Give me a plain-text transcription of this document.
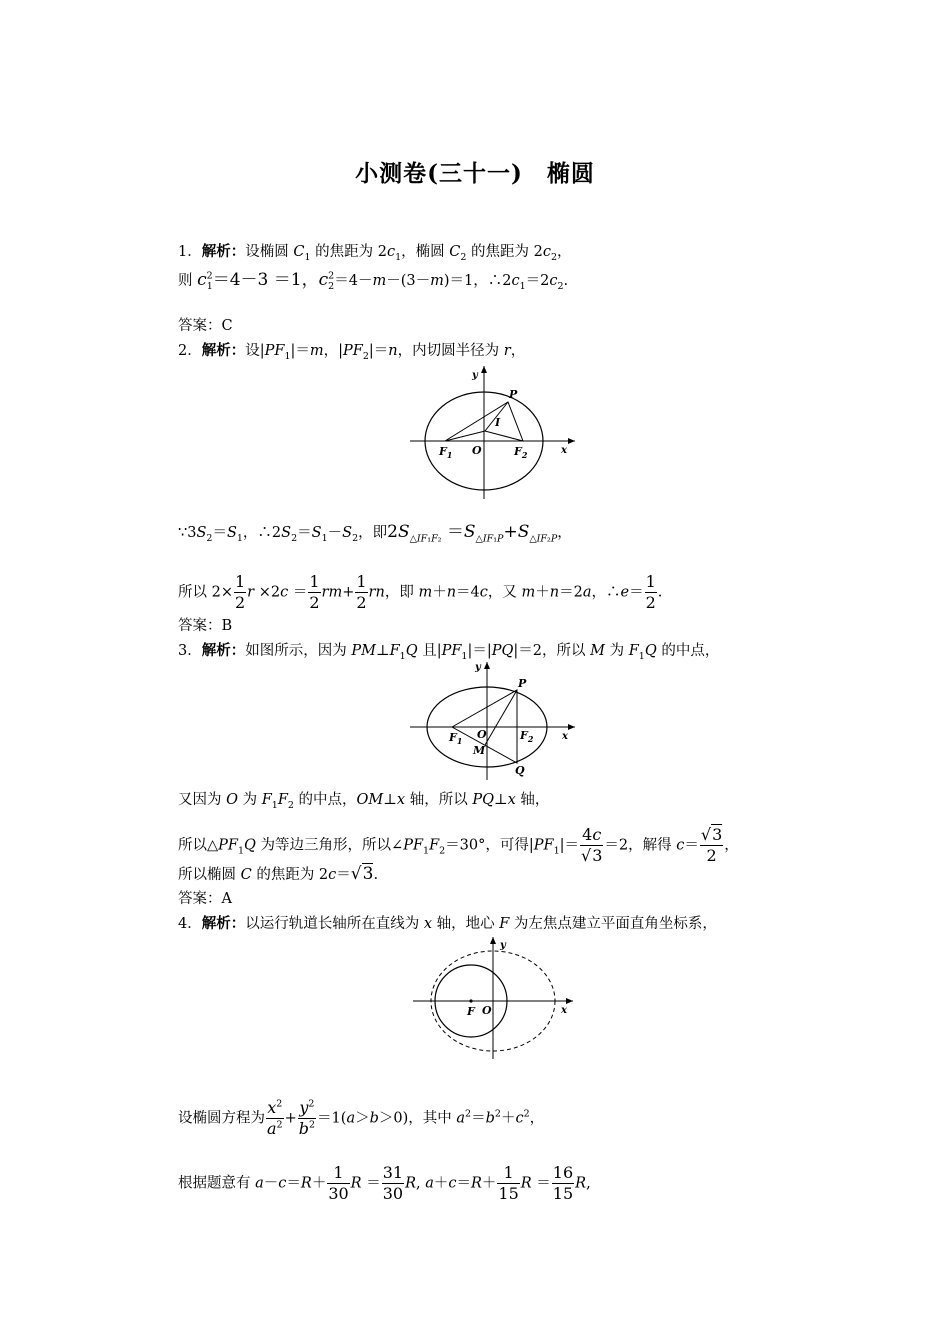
小测卷(三十一)　椭圆
1．解析：设椭圆 $C_1$ 的焦距为 $2c_1$，椭圆 $C_2$ 的焦距为 $2c_2$，
则 $c^2_1=4-3 =1$，$c^2_2=4-m-(3-m)=1$，$\therefore 2c_1=2c_2$.
答案：C
2．解析：设$|PF_1|=m$，$|PF_2|=n$，内切圆半径为 r，
y
P
I
$F_1$ O	$F_2$	x
$\because 3S_2=S_1$，$\therefore 2S_2=S_1-S_2$，即$2S_{\triangle IF_1F_2} =S_{\triangle IF_1P}+S_{\triangle IF_2P}$，
所以 $2\times \frac{1}{2}$ $r \times 2c = \frac{1}{2} rm+ \frac{1}{2}$ rn，即 m＋n＝4c，又 m＋n＝2a，∴e＝ $\frac{1}{2}$ .
答案：B
3．解析：如图所示，因为 $PM\perp F_1Q$ 且$|PF_1|=|PQ|=2$，所以 M 为 $F_1Q$ 的中点，
y
P
$F_1$ O	$F_2$	x
M
Q
又因为 O 为 $F_1F_2$ 的中点，OM⊥x 轴，所以 PQ⊥x 轴，
所以$\triangle PF_1Q$ 为等边三角形，所以$\angle PF_1F_2=30^\circ$，可得$|PF_1|= \frac{4c}{√3} =2$，解得 $c= \frac{√3}{2}$ ，
所以椭圆 C 的焦距为 2c＝√3.
答案：A
4．解析：以运行轨道长轴所在直线为 x 轴，地心 F 为左焦点建立平面直角坐标系，
y
F O	x
设椭圆方程为 $\frac{x^2}{a^2} + \frac{y^2}{b^2} =1(a>b>0)$，其中 $a^2=b^2+c^2$，
根据题意有 $a-c=R+ \frac{1}{30}$ $R = \frac{31}{30} R$, $a+c=R+ \frac{1}{15}$ $R = \frac{16}{15} R$,
